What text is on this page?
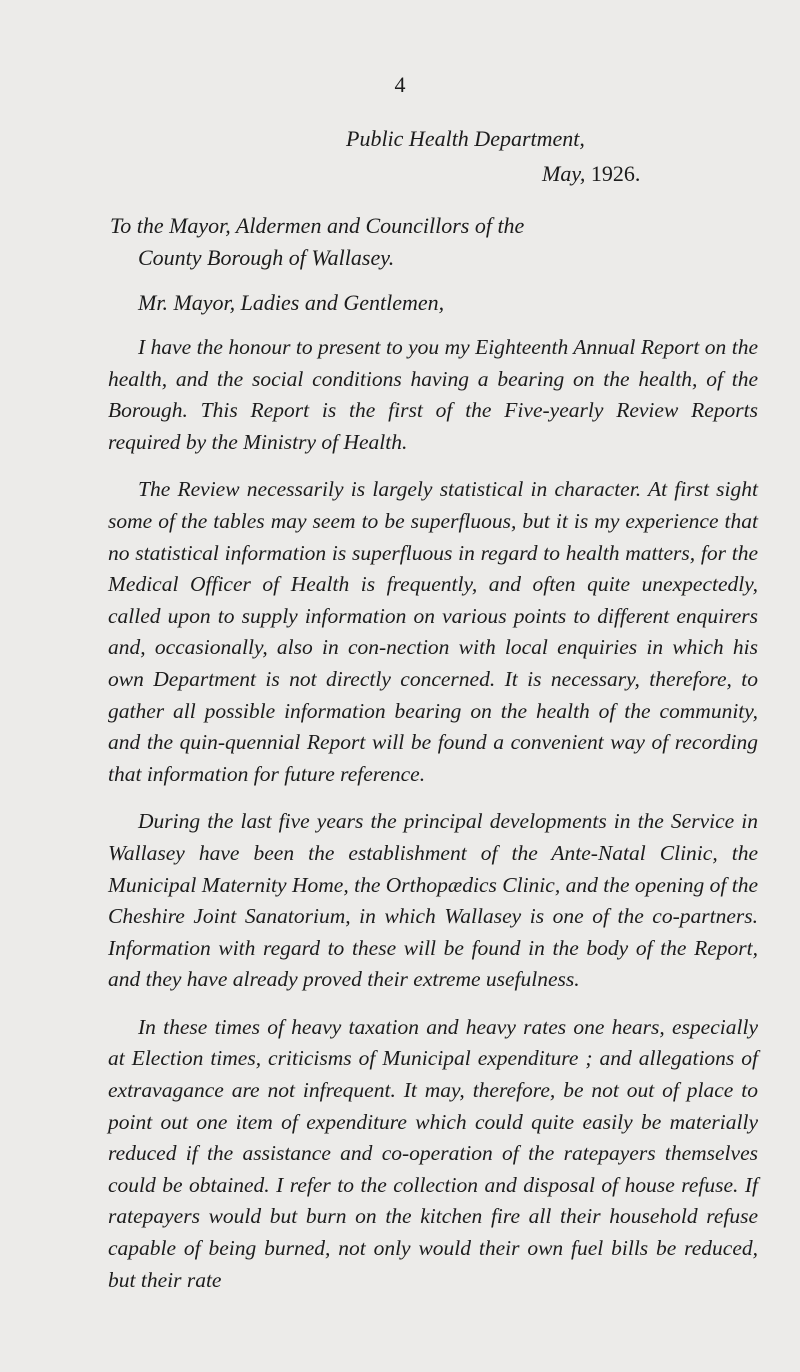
4
Public Health Department,
May, 1926.
To the Mayor, Aldermen and Councillors of the
County Borough of Wallasey.
Mr. Mayor, Ladies and Gentlemen,

I have the honour to present to you my Eighteenth Annual Report on the health, and the social conditions having a bearing on the health, of the Borough. This Report is the first of the Five-yearly Review Reports required by the Ministry of Health.

The Review necessarily is largely statistical in character. At first sight some of the tables may seem to be superfluous, but it is my experience that no statistical information is superfluous in regard to health matters, for the Medical Officer of Health is frequently, and often quite unexpectedly, called upon to supply information on various points to different enquirers and, occasionally, also in con-nection with local enquiries in which his own Department is not directly concerned. It is necessary, therefore, to gather all possible information bearing on the health of the community, and the quin-quennial Report will be found a convenient way of recording that information for future reference.

During the last five years the principal developments in the Service in Wallasey have been the establishment of the Ante-Natal Clinic, the Municipal Maternity Home, the Orthopædics Clinic, and the opening of the Cheshire Joint Sanatorium, in which Wallasey is one of the co-partners. Information with regard to these will be found in the body of the Report, and they have already proved their extreme usefulness.

In these times of heavy taxation and heavy rates one hears, especially at Election times, criticisms of Municipal expenditure ; and allegations of extravagance are not infrequent. It may, therefore, be not out of place to point out one item of expenditure which could quite easily be materially reduced if the assistance and co-operation of the ratepayers themselves could be obtained. I refer to the collection and disposal of house refuse. If ratepayers would but burn on the kitchen fire all their household refuse capable of being burned, not only would their own fuel bills be reduced, but their rate
